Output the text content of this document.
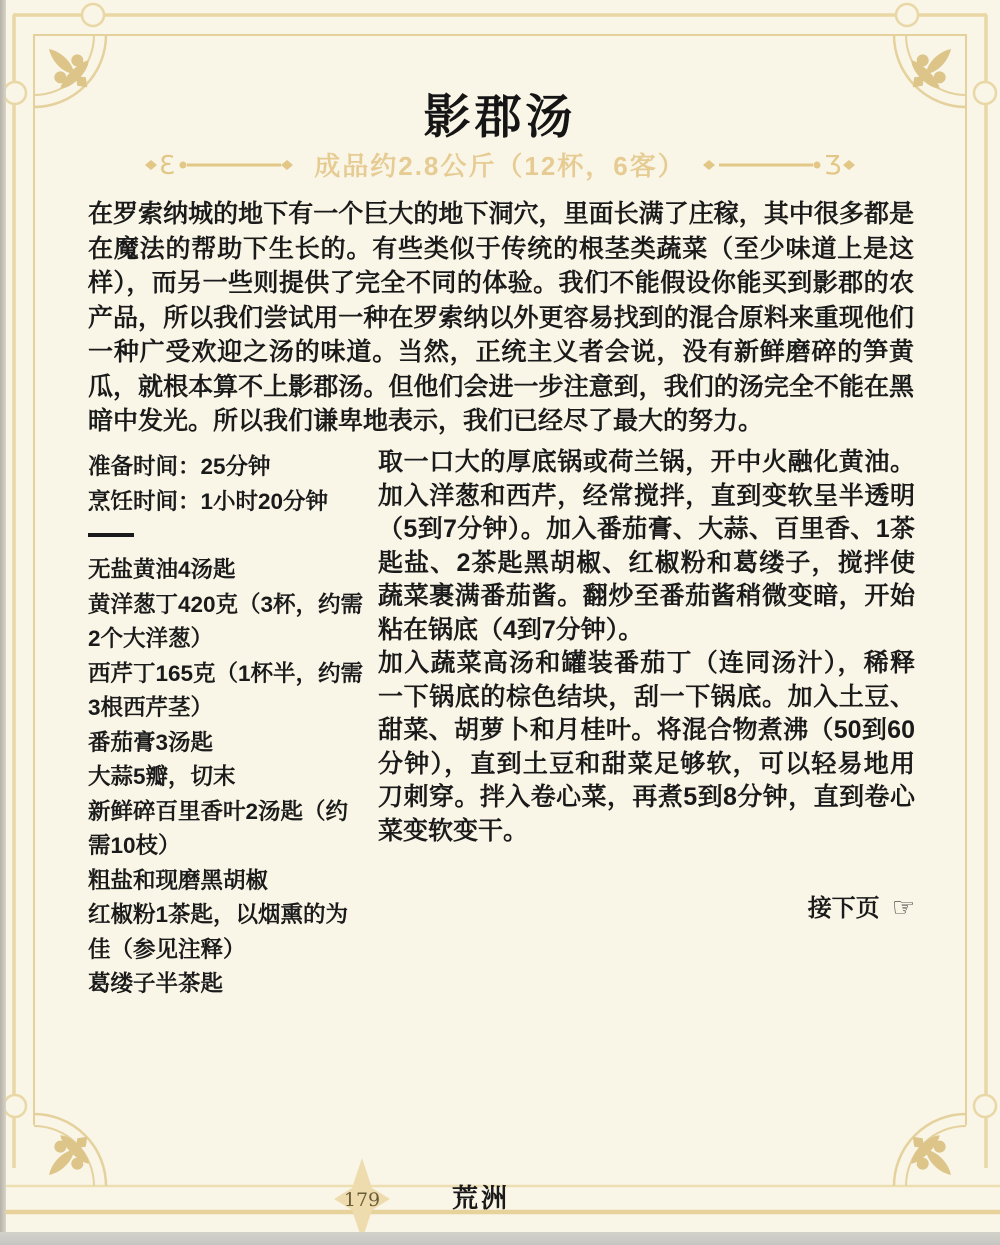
179
影郡汤
Ɛ	成品约2.8公斤（12杯，6客）	Ʒ
在罗索纳城的地下有一个巨大的地下洞穴，里面长满了庄稼，其中很多都是在魔法的帮助下生长的。有些类似于传统的根茎类蔬菜（至少味道上是这样），而另一些则提供了完全不同的体验。我们不能假设你能买到影郡的农产品，所以我们尝试用一种在罗索纳以外更容易找到的混合原料来重现他们一种广受欢迎之汤的味道。当然，正统主义者会说，没有新鲜磨碎的笋黄瓜，就根本算不上影郡汤。但他们会进一步注意到，我们的汤完全不能在黑暗中发光。所以我们谦卑地表示，我们已经尽了最大的努力。
准备时间：25分钟
烹饪时间：1小时20分钟
无盐黄油4汤匙
黄洋葱丁420克（3杯，约需2个大洋葱）
西芹丁165克（1杯半，约需3根西芹茎）
番茄膏3汤匙
大蒜5瓣，切末
新鲜碎百里香叶2汤匙（约需10枝）
粗盐和现磨黑胡椒
红椒粉1茶匙，以烟熏的为佳（参见注释）
葛缕子半茶匙

取一口大的厚底锅或荷兰锅，开中火融化黄油。加入洋葱和西芹，经常搅拌，直到变软呈半透明（5到7分钟）。加入番茄膏、大蒜、百里香、1茶匙盐、2茶匙黑胡椒、红椒粉和葛缕子，搅拌使蔬菜裹满番茄酱。翻炒至番茄酱稍微变暗，开始粘在锅底（4到7分钟）。

加入蔬菜高汤和罐装番茄丁（连同汤汁），稀释一下锅底的棕色结块，刮一下锅底。加入土豆、甜菜、胡萝卜和月桂叶。将混合物煮沸（50到60分钟），直到土豆和甜菜足够软，可以轻易地用刀刺穿。拌入卷心菜，再煮5到8分钟，直到卷心菜变软变干。

接下页 ☞
荒洲
